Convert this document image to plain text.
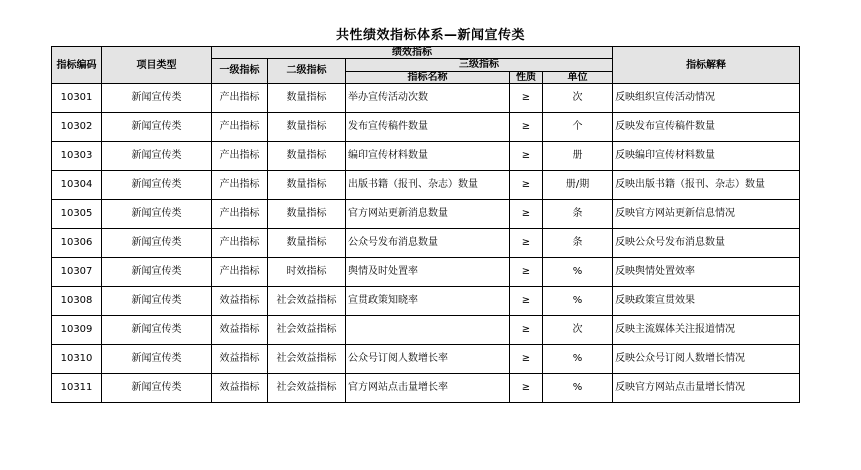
共性绩效指标体系—新闻宣传类
指标编码	项目类型	绩效指标					指标解释
		一级指标	二级指标	三级指标			
				指标名称	性质	单位	
10301	新闻宣传类	产出指标	数量指标	举办宣传活动次数	≥	次	反映组织宣传活动情况
10302	新闻宣传类	产出指标	数量指标	发布宣传稿件数量	≥	个	反映发布宣传稿件数量
10303	新闻宣传类	产出指标	数量指标	编印宣传材料数量	≥	册	反映编印宣传材料数量
10304	新闻宣传类	产出指标	数量指标	出版书籍（报刊、杂志）数量	≥	册/期	反映出版书籍（报刊、杂志）数量
10305	新闻宣传类	产出指标	数量指标	官方网站更新消息数量	≥	条	反映官方网站更新信息情况
10306	新闻宣传类	产出指标	数量指标	公众号发布消息数量	≥	条	反映公众号发布消息数量
10307	新闻宣传类	产出指标	时效指标	舆情及时处置率	≥	%	反映舆情处置效率
10308	新闻宣传类	效益指标	社会效益指标	宣贯政策知晓率	≥	%	反映政策宣贯效果
10309	新闻宣传类	效益指标	社会效益指标		≥	次	反映主流媒体关注报道情况
10310	新闻宣传类	效益指标	社会效益指标	公众号订阅人数增长率	≥	%	反映公众号订阅人数增长情况
10311	新闻宣传类	效益指标	社会效益指标	官方网站点击量增长率	≥	%	反映官方网站点击量增长情况
